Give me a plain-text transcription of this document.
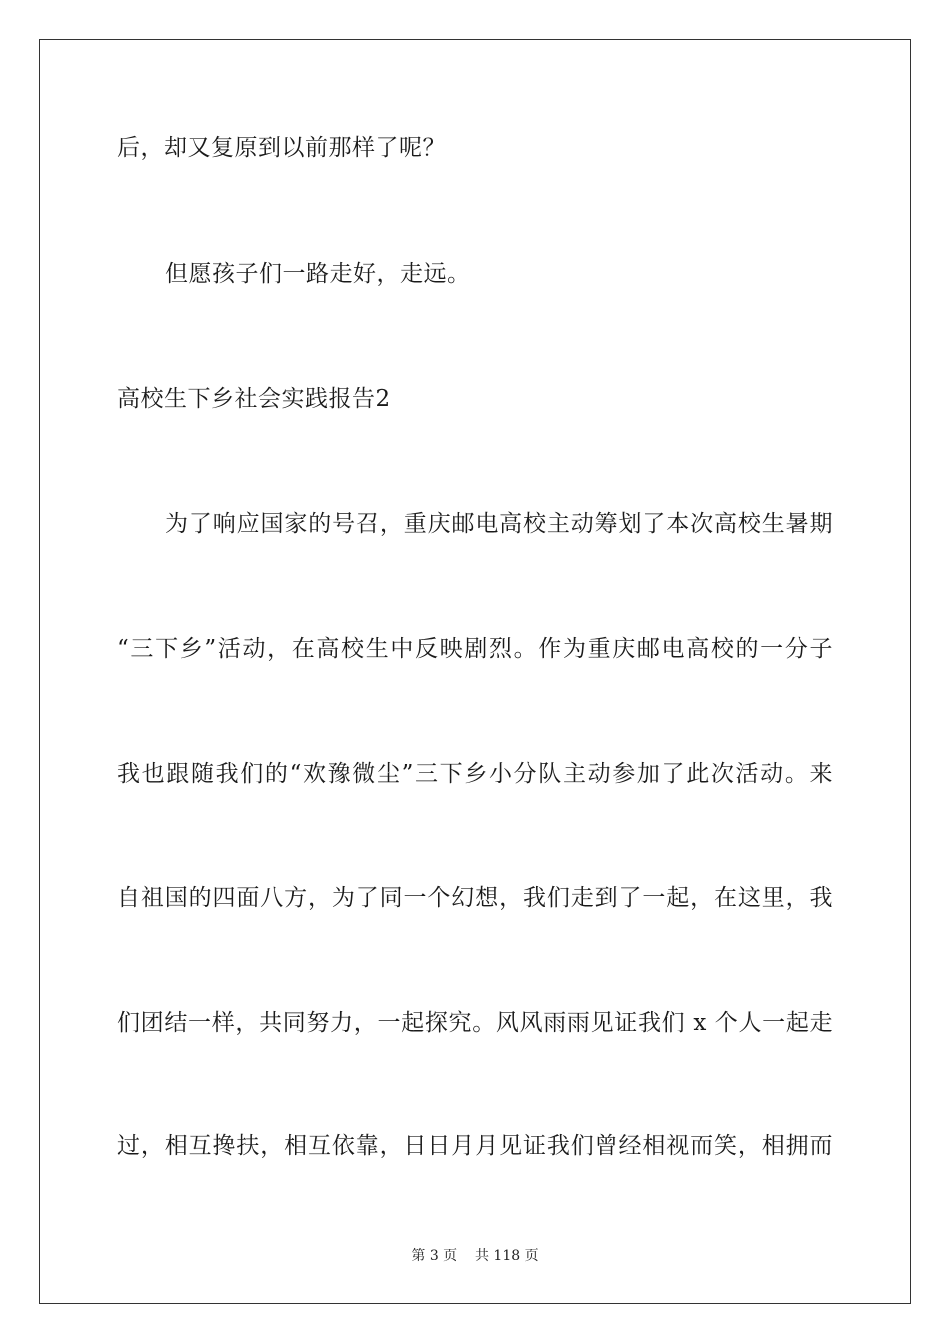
后，却又复原到以前那样了呢？
但愿孩子们一路走好，走远。
高校生下乡社会实践报告2
为了响应国家的号召，重庆邮电高校主动筹划了本次高校生暑期
“三下乡”活动，在高校生中反映剧烈。作为重庆邮电高校的一分子
我也跟随我们的“欢豫微尘”三下乡小分队主动参加了此次活动。来
自祖国的四面八方，为了同一个幻想，我们走到了一起，在这里，我
们团结一样，共同努力，一起探究。风风雨雨见证我们 x 个人一起走
过，相互搀扶，相互依靠，日日月月见证我们曾经相视而笑，相拥而
第 3 页    共 118 页
